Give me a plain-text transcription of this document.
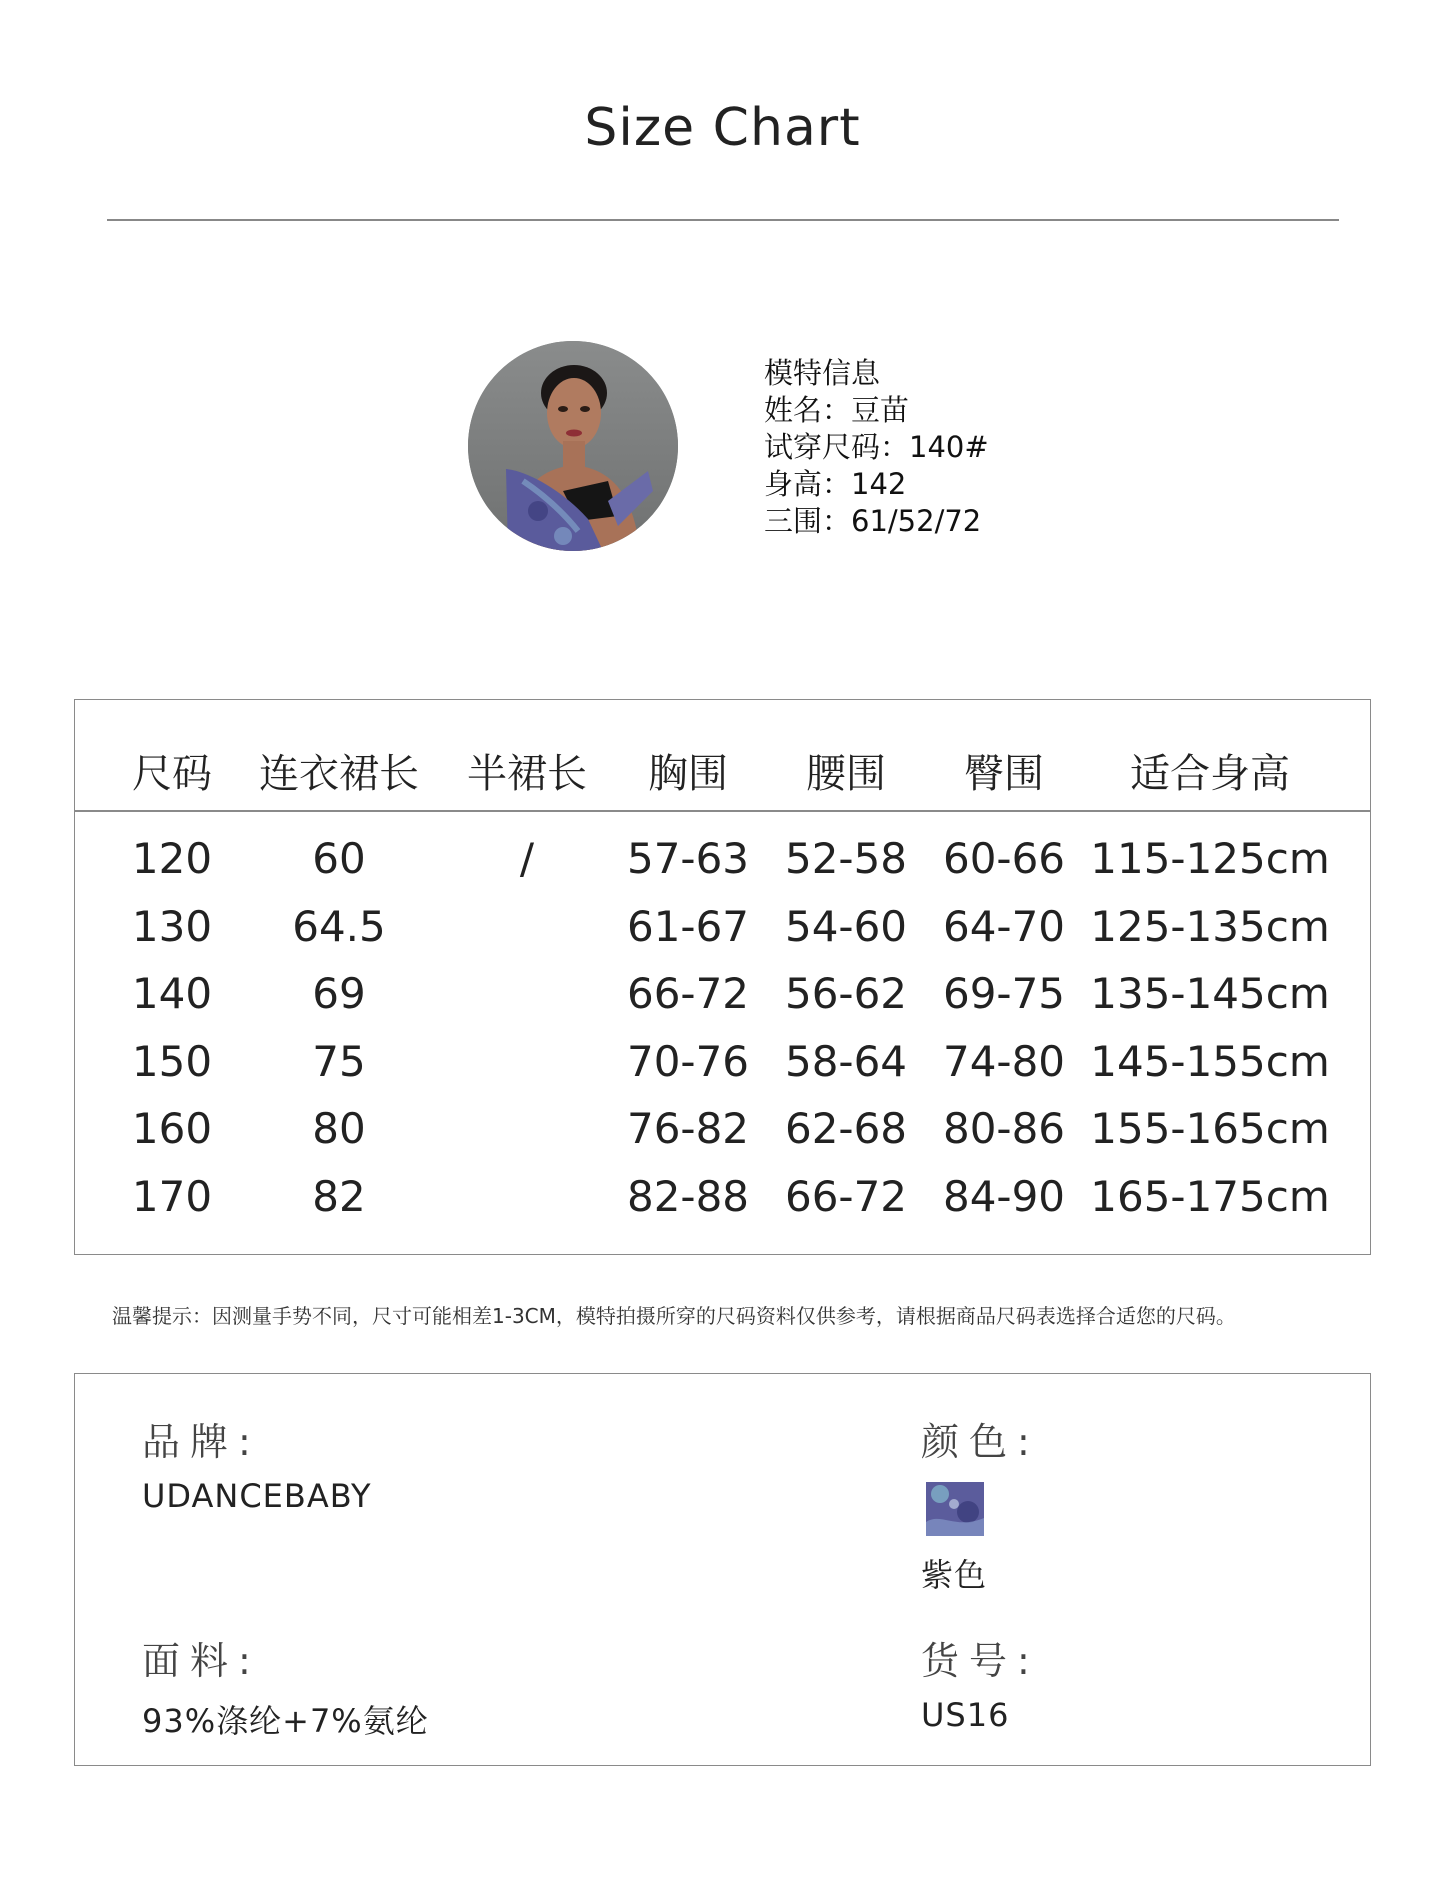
Size Chart
模特信息
姓名：豆苗
试穿尺码：140#
身高：142
三围：61/52/72
尺码 连衣裙长 半裙长 胸围 腰围 臀围 适合身高
120 60	/ 57-63 52-58 60-66 115-125cm
130 64.5	61-67 54-60 64-70 125-135cm
140 69	66-72 56-62 69-75 135-145cm
150 75	70-76 58-64 74-80 145-155cm
160 80	76-82 62-68 80-86 155-165cm
170 82	82-88 66-72 84-90 165-175cm
温馨提示：因测量手势不同，尺寸可能相差1-3CM，模特拍摄所穿的尺码资料仅供参考，请根据商品尺码表选择合适您的尺码。
品牌:
UDANCEBABY
颜色:
紫色
面料:
93%涤纶+7%氨纶
货号:
US16
